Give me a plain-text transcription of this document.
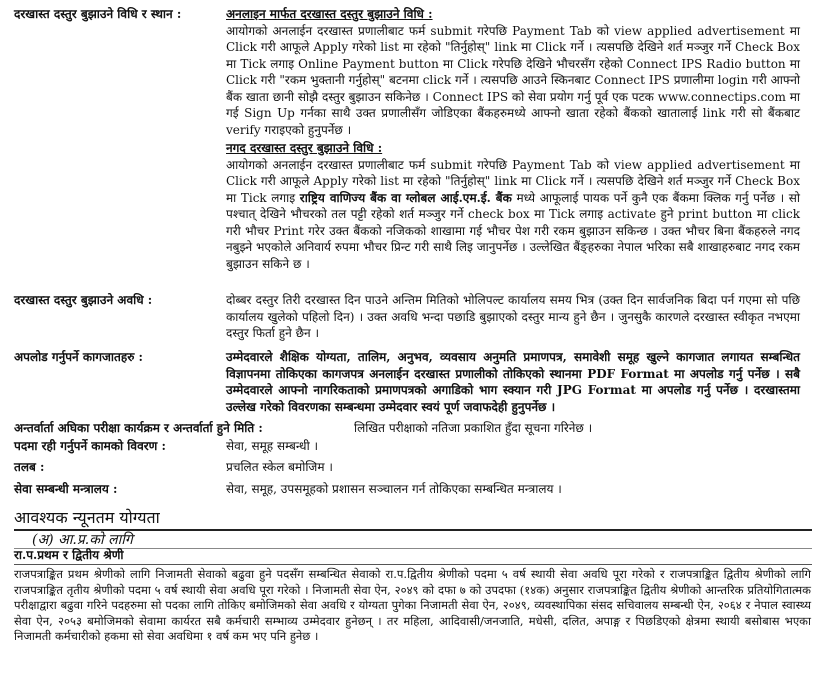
दरखास्त दस्तुर बुझाउने विधि र स्थान :	अनलाइन मार्फत दरखास्त दस्तुर बुझाउने विधि :
आयोगको अनलाईन दरखास्त प्रणालीबाट फर्म submit गरेपछि Payment Tab को view applied advertisement मा Click गरी आफूले Apply गरेको list मा रहेको "तिर्नुहोस्" link मा Click गर्ने । त्यसपछि देखिने शर्त मञ्जुर गर्ने Check Box मा Tick लगाइ Online Payment button मा Click गरेपछि देखिने भौचरसँग रहेको Connect IPS Radio button मा Click गरी "रकम भुक्तानी गर्नुहोस्" बटनमा click गर्ने । त्यसपछि आउने स्किनबाट Connect IPS प्रणालीमा login गरी आफ्नो बैंक खाता छानी सोझै दस्तुर बुझाउन सकिनेछ । Connect IPS को सेवा प्रयोग गर्नु पूर्व एक पटक www.connectips.com मा गई Sign Up गर्नका साथै उक्त प्रणालीसँग जोडिएका बैंकहरुमध्ये आफ्नो खाता रहेको बैंकको खातालाई link गरी सो बैंकबाट verify गराइएको हुनुपर्नेछ ।
नगद दरखास्त दस्तुर बुझाउने विधि :
आयोगको अनलाईन दरखास्त प्रणालीबाट फर्म submit गरेपछि Payment Tab को view applied advertisement मा Click गरी आफूले Apply गरेको list मा रहेको "तिर्नुहोस्" link मा Click गर्ने । त्यसपछि देखिने शर्त मञ्जुर गर्ने Check Box मा Tick लगाइ राष्ट्रिय वाणिज्य बैंक वा ग्लोबल आई.एम.ई. बैंक मध्ये आफूलाई पायक पर्ने कुनै एक बैंकमा क्लिक गर्नु पर्नेछ । सो पश्चात् देखिने भौचरको तल पट्टी रहेको शर्त मञ्जुर गर्ने check box मा Tick लगाइ activate हुने print button मा click गरी भौचर Print गरेर उक्त बैंकको नजिकको शाखामा गई भौचर पेश गरी रकम बुझाउन सकिन्छ । उक्त भौचर बिना बैंकहरुले नगद नबुझ्ने भएकोले अनिवार्य रुपमा भौचर प्रिन्ट गरी साथै लिइ जानुपर्नेछ । उल्लेखित बैंङ्हरुका नेपाल भरिका सबै शाखाहरुबाट नगद रकम बुझाउन सकिने छ ।
दरखास्त दस्तुर बुझाउने अवधि :	दोब्बर दस्तुर तिरी दरखास्त दिन पाउने अन्तिम मितिको भोलिपल्ट कार्यालय समय भित्र (उक्त दिन सार्वजनिक बिदा पर्न गएमा सो पछि कार्यालय खुलेको पहिलो दिन) । उक्त अवधि भन्दा पछाडि बुझाएको दस्तुर मान्य हुने छैन । जुनसुकै कारणले दरखास्त स्वीकृत नभएमा दस्तुर फिर्ता हुने छैन ।
अपलोड गर्नुपर्ने कागजातहरु :	उम्मेदवारले शैक्षिक योग्यता, तालिम, अनुभव, व्यवसाय अनुमति प्रमाणपत्र, समावेशी समूह खुल्ने कागजात लगायत सम्बन्धित विज्ञापनमा तोकिएका कागजपत्र अनलाईन दरखास्त प्रणालीको तोकिएको स्थानमा PDF Format मा अपलोड गर्नु पर्नेछ । सबै उम्मेदवारले आफ्नो नागरिकताको प्रमाणपत्रको अगाडिको भाग स्क्यान गरी JPG Format मा अपलोड गर्नु पर्नेछ । दरखास्तमा उल्लेख गरेको विवरणका सम्बन्धमा उम्मेदवार स्वयं पूर्ण जवाफदेही हुनुपर्नेछ ।
अन्तर्वार्ता अघिका परीक्षा कार्यक्रम र अन्तर्वार्ता हुने मिति :	लिखित परीक्षाको नतिजा प्रकाशित हुँदा सूचना गरिनेछ ।
पदमा रही गर्नुपर्ने कामको विवरण :	सेवा, समूह सम्बन्धी ।
तलब :	प्रचलित स्केल बमोजिम ।
सेवा सम्बन्धी मन्त्रालय :	सेवा, समूह, उपसमूहको प्रशासन सञ्चालन गर्न तोकिएका सम्बन्धित मन्त्रालय ।
आवश्यक न्यूनतम योग्यता
(अ) आ.प्र.को लागि
रा.प.प्रथम र द्वितीय श्रेणी
राजपत्राङ्कित प्रथम श्रेणीको लागि निजामती सेवाको बढुवा हुने पदसँग सम्बन्धित सेवाको रा.प.द्वितीय श्रेणीको पदमा ५ वर्ष स्थायी सेवा अवधि पूरा गरेको र राजपत्राङ्कित द्वितीय श्रेणीको लागि राजपत्राङ्कित तृतीय श्रेणीको पदमा ५ वर्ष स्थायी सेवा अवधि पूरा गरेको । निजामती सेवा ऐन, २०४९ को दफा ७ को उपदफा (१४क) अनुसार राजपत्राङ्कित द्वितीय श्रेणीको आन्तरिक प्रतियोगितात्मक परीक्षाद्वारा बढुवा गरिने पदहरुमा सो पदका लागि तोकिए बमोजिमको सेवा अवधि र योग्यता पुगेका निजामती सेवा ऐन, २०४९, व्यवस्थापिका संसद सचिवालय सम्बन्धी ऐन, २०६४ र नेपाल स्वास्थ्य सेवा ऐन, २०५३ बमोजिमको सेवामा कार्यरत सबै कर्मचारी सम्भाव्य उम्मेदवार हुनेछन् । तर महिला, आदिवासी/जनजाति, मधेसी, दलित, अपाङ्ग र पिछडिएको क्षेत्रमा स्थायी बसोबास भएका निजामती कर्मचारीको हकमा सो सेवा अवधिमा १ वर्ष कम भए पनि हुनेछ ।
